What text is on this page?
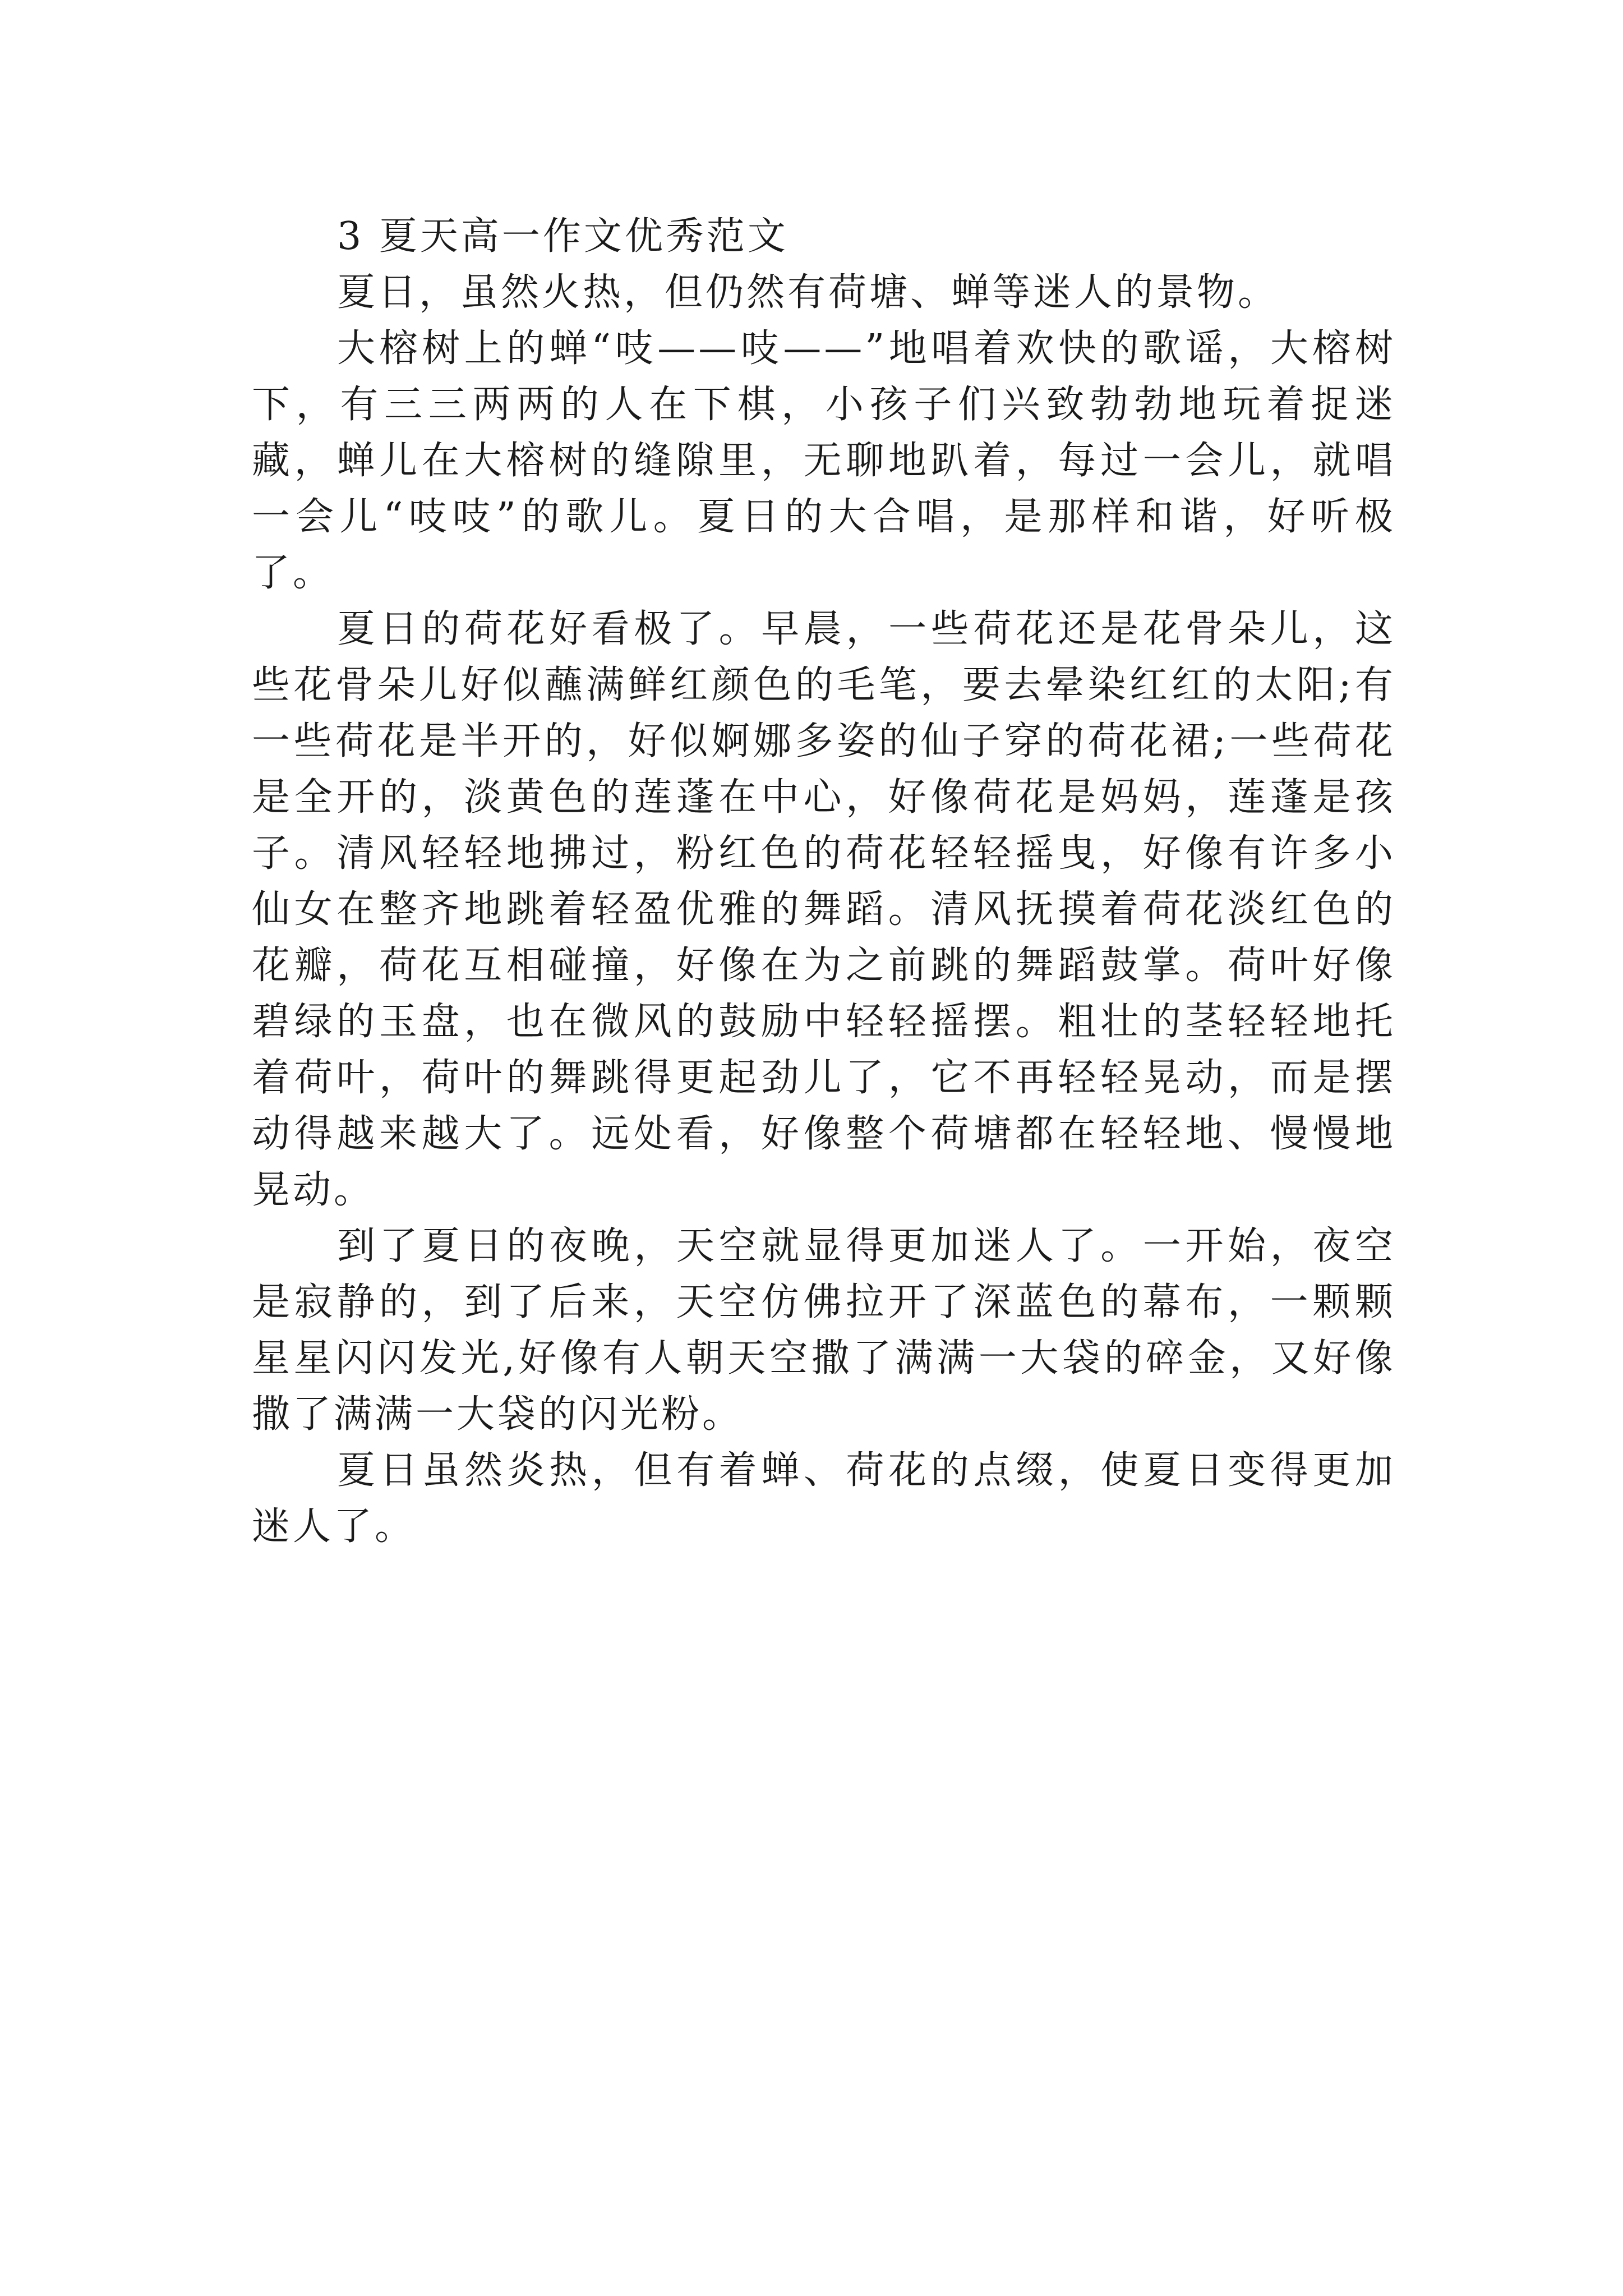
3 夏天高一作文优秀范文

夏日，虽然火热，但仍然有荷塘、蝉等迷人的景物。

大榕树上的蝉“吱——吱——”地唱着欢快的歌谣，大榕树下，有三三两两的人在下棋，小孩子们兴致勃勃地玩着捉迷藏，蝉儿在大榕树的缝隙里，无聊地趴着，每过一会儿，就唱一会儿“吱吱”的歌儿。夏日的大合唱，是那样和谐，好听极了。

夏日的荷花好看极了。早晨，一些荷花还是花骨朵儿，这些花骨朵儿好似蘸满鲜红颜色的毛笔，要去晕染红红的太阳;有一些荷花是半开的，好似婀娜多姿的仙子穿的荷花裙;一些荷花是全开的，淡黄色的莲蓬在中心，好像荷花是妈妈，莲蓬是孩子。清风轻轻地拂过，粉红色的荷花轻轻摇曳，好像有许多小仙女在整齐地跳着轻盈优雅的舞蹈。清风抚摸着荷花淡红色的花瓣，荷花互相碰撞，好像在为之前跳的舞蹈鼓掌。荷叶好像碧绿的玉盘，也在微风的鼓励中轻轻摇摆。粗壮的茎轻轻地托着荷叶，荷叶的舞跳得更起劲儿了，它不再轻轻晃动，而是摆动得越来越大了。远处看，好像整个荷塘都在轻轻地、慢慢地晃动。

到了夏日的夜晚，天空就显得更加迷人了。一开始，夜空是寂静的，到了后来，天空仿佛拉开了深蓝色的幕布，一颗颗星星闪闪发光,好像有人朝天空撒了满满一大袋的碎金，又好像撒了满满一大袋的闪光粉。

夏日虽然炎热，但有着蝉、荷花的点缀，使夏日变得更加迷人了。
